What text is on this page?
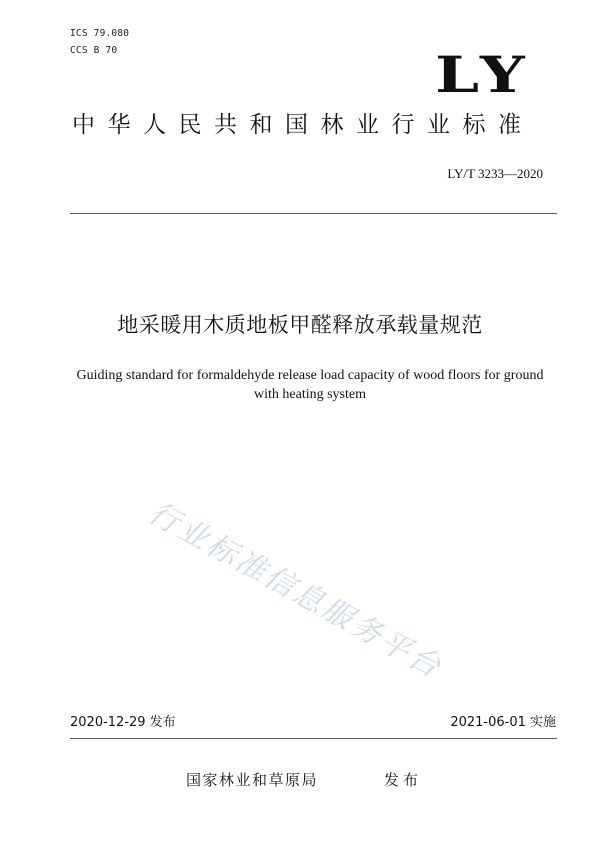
ICS 79.080
CCS B 70	LY
中华人民共和国林业行业标准
LY/T 3233—2020
地采暖用木质地板甲醛释放承载量规范
Guiding standard for formaldehyde release load capacity of wood floors for ground
with heating system
行业标准信息服务平台
2020-12-29 发布	2021-06-01 实施
国家林业和草原局	发布
